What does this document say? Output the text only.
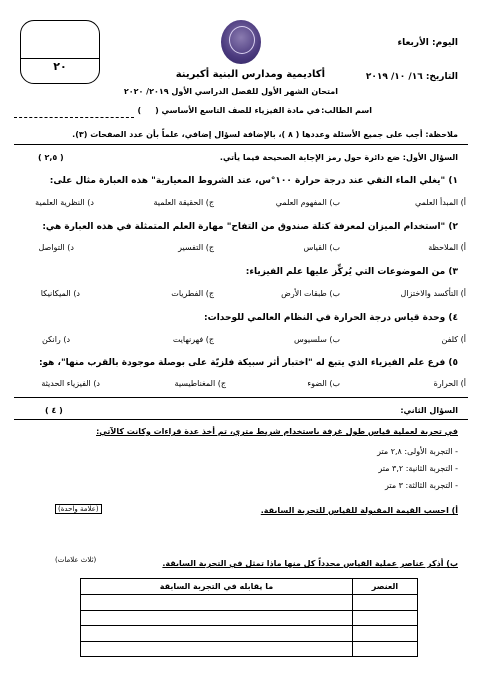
٢٠
اليوم: الأربعاء
التاريخ: ١٦/ ١٠/ ٢٠١٩
أكاديمية ومدارس البنية أكبرينة
امتحان الشهر الأول للفصل الدراسي الأول ٢٠١٩/ ٢٠٢٠
في مادة الفيزياء للصف التاسع الأساسي ()	اسم الطالب:
ملاحظة: أجب على جميع الأسئلة وعددها ( ٨ )، بالإضافة لسؤال إضافي، علماً بأن عدد الصفحات (٣).
السؤال الأول: ضع دائرة حول رمز الإجابة الصحيحة فيما يأتي.
( ٢,٥ )
١) "يغلي الماء النقي عند درجة حرارة ١٠٠°س، عند الشروط المعيارية" هذه العبارة مثال على:
أ) المبدأ العلمي
ب) المفهوم العلمي
ج) الحقيقة العلمية
د) النظرية العلمية
٢) "استخدام الميزان لمعرفة كتلة صندوق من التفاح" مهارة العلم المتمثلة في هذه العبارة هي:
أ) الملاحظة
ب) القياس
ج) التفسير
د) التواصل
٣) من الموضوعات التي يُركِّز عليها علم الفيزياء:
أ) التأكسد والاختزال
ب) طبقات الأرض
ج) الفطريات
د) الميكانيكا
٤) وحدة قياس درجة الحرارة في النظام العالمي للوحدات:
أ) كلفن
ب) سلسيوس
ج) فهرنهايت
د) رانكن
٥) فرع علم الفيزياء الذي يتبع له "اختبار أثر سبيكة فلزيّة على بوصلة موجودة بالقرب منها"، هو:
أ) الحرارة
ب) الضوء
ج) المغناطيسية
د) الفيزياء الحديثة
السؤال الثاني:
( ٤ )
في تجربة لعملية قياس طول غرفة باستخدام شريط متري، تم أخذ عدة قراءات وكانت كالآتي:
- التجربة الأولى: ٢,٨ متر
- التجربة الثانية: ٣,٢ متر
- التجربة الثالثة: ٣ متر
أ) احسب القيمة المقبولة للقياس للتجربة السابقة.
(علامة واحدة)
ب) أذكر عناصر عملية القياس محدداً كل منها ماذا تمثل في التجربة السابقة.
(ثلاث علامات)
العنصر	ما يقابله في التجربة السابقة
